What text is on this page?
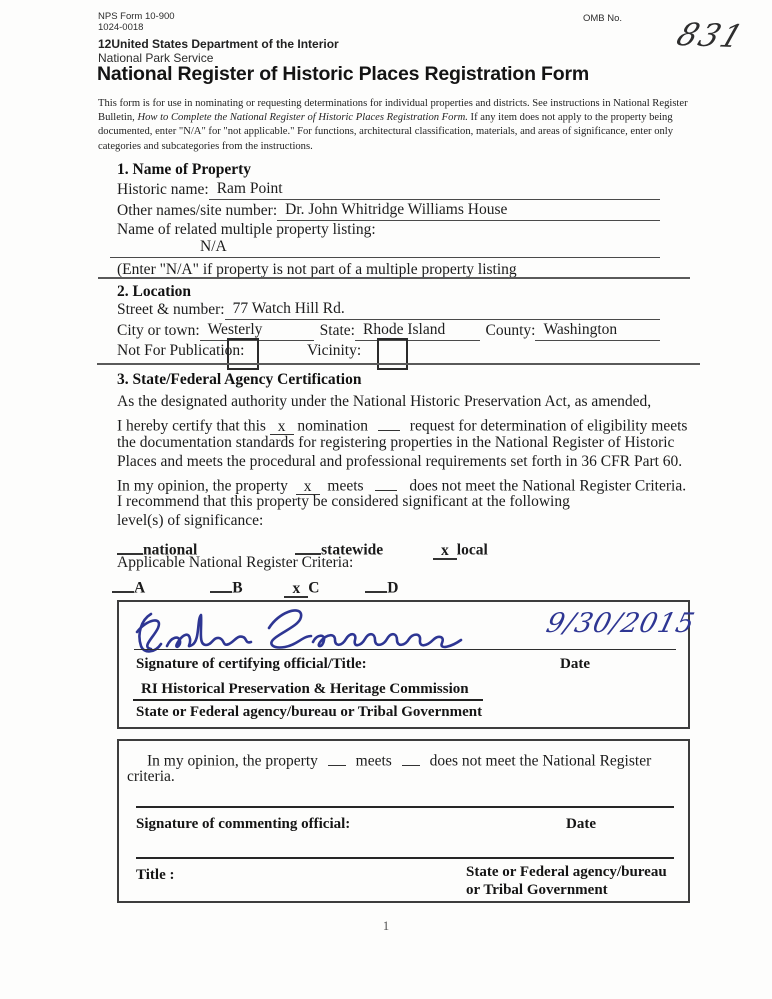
NPS Form 10-900
1024-0018
OMB No. 831
12United States Department of the Interior
National Park Service
National Register of Historic Places Registration Form
This form is for use in nominating or requesting determinations for individual properties and districts. See instructions in National Register Bulletin, How to Complete the National Register of Historic Places Registration Form. If any item does not apply to the property being documented, enter "N/A" for "not applicable." For functions, architectural classification, materials, and areas of significance, enter only categories and subcategories from the instructions.
1. Name of Property
Historic name: Ram Point
Other names/site number: Dr. John Whitridge Williams House
Name of related multiple property listing:
N/A
(Enter "N/A" if property is not part of a multiple property listing
2. Location
Street & number: 77 Watch Hill Rd.
City or town: Westerly	State: Rhode Island	County: Washington
Not For Publication:	Vicinity:
3. State/Federal Agency Certification
As the designated authority under the National Historic Preservation Act, as amended,
I hereby certify that this x nomination	request for determination of eligibility meets
the documentation standards for registering properties in the National Register of Historic
Places and meets the procedural and professional requirements set forth in 36 CFR Part 60.
In my opinion, the property x meets	does not meet the National Register Criteria.
I recommend that this property be considered significant at the following
level(s) of significance:
national	statewide	x local
Applicable National Register Criteria:
A	B	x C	D
9/30/2015
Signature of certifying official/Title:	Date
RI Historical Preservation & Heritage Commission
State or Federal agency/bureau or Tribal Government
In my opinion, the property meets does not meet the National Register
criteria.
Signature of commenting official:	Date
Title :	State or Federal agency/bureau
or Tribal Government
1
